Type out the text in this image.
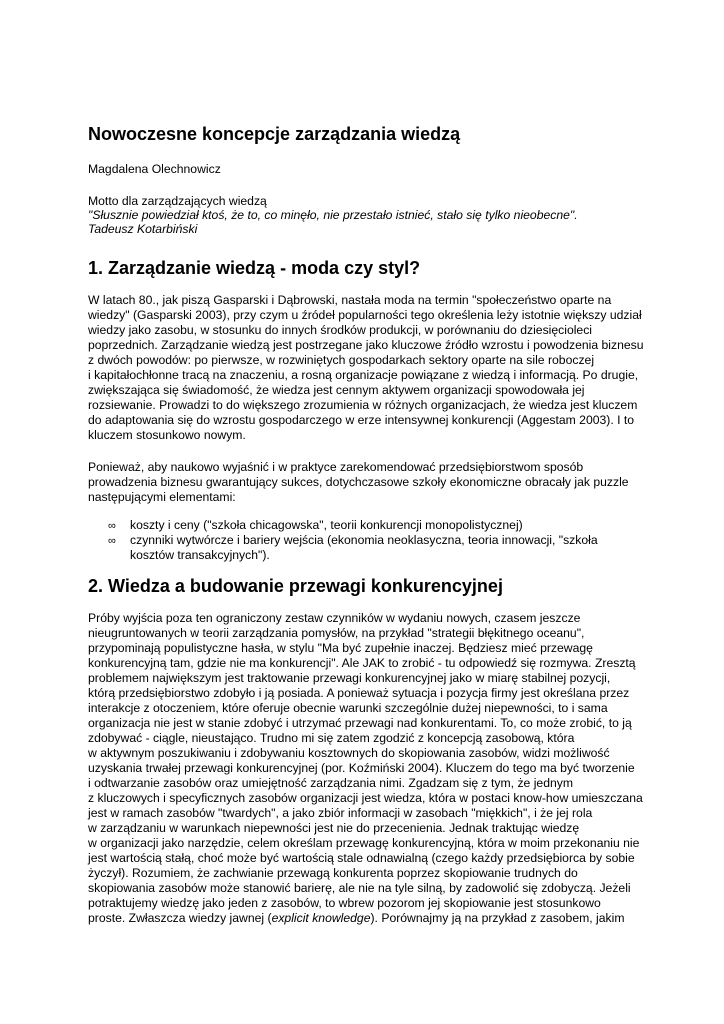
Nowoczesne koncepcje zarządzania wiedzą
Magdalena Olechnowicz
Motto dla zarządzających wiedzą
"Słusznie powiedział ktoś, że to, co minęło, nie przestało istnieć, stało się tylko nieobecne".
Tadeusz Kotarbiński
1. Zarządzanie wiedzą - moda czy styl?
W latach 80., jak piszą Gasparski i Dąbrowski, nastała moda na termin "społeczeństwo oparte na
wiedzy" (Gasparski 2003), przy czym u źródeł popularności tego określenia leży istotnie większy udział
wiedzy jako zasobu, w stosunku do innych środków produkcji, w porównaniu do dziesięcioleci
poprzednich. Zarządzanie wiedzą jest postrzegane jako kluczowe źródło wzrostu i powodzenia biznesu
z dwóch powodów: po pierwsze, w rozwiniętych gospodarkach sektory oparte na sile roboczej
i kapitałochłonne tracą na znaczeniu, a rosną organizacje powiązane z wiedzą i informacją. Po drugie,
zwiększająca się świadomość, że wiedza jest cennym aktywem organizacji spowodowała jej
rozsiewanie. Prowadzi to do większego zrozumienia w różnych organizacjach, że wiedza jest kluczem
do adaptowania się do wzrostu gospodarczego w erze intensywnej konkurencji (Aggestam 2003). I to
kluczem stosunkowo nowym.
Ponieważ, aby naukowo wyjaśnić i w praktyce zarekomendować przedsiębiorstwom sposób
prowadzenia biznesu gwarantujący sukces, dotychczasowe szkoły ekonomiczne obracały jak puzzle
następującymi elementami:
∞ koszty i ceny ("szkoła chicagowska", teorii konkurencji monopolistycznej)
∞ czynniki wytwórcze i bariery wejścia (ekonomia neoklasyczna, teoria innowacji, "szkoła
kosztów transakcyjnych").
2. Wiedza a budowanie przewagi konkurencyjnej
Próby wyjścia poza ten ograniczony zestaw czynników w wydaniu nowych, czasem jeszcze
nieugruntowanych w teorii zarządzania pomysłów, na przykład "strategii błękitnego oceanu",
przypominają populistyczne hasła, w stylu "Ma być zupełnie inaczej. Będziesz mieć przewagę
konkurencyjną tam, gdzie nie ma konkurencji". Ale JAK to zrobić - tu odpowiedź się rozmywa. Zresztą
problemem największym jest traktowanie przewagi konkurencyjnej jako w miarę stabilnej pozycji,
którą przedsiębiorstwo zdobyło i ją posiada. A ponieważ sytuacja i pozycja firmy jest określana przez
interakcje z otoczeniem, które oferuje obecnie warunki szczególnie dużej niepewności, to i sama
organizacja nie jest w stanie zdobyć i utrzymać przewagi nad konkurentami. To, co może zrobić, to ją
zdobywać - ciągle, nieustająco. Trudno mi się zatem zgodzić z koncepcją zasobową, która
w aktywnym poszukiwaniu i zdobywaniu kosztownych do skopiowania zasobów, widzi możliwość
uzyskania trwałej przewagi konkurencyjnej (por. Koźmiński 2004). Kluczem do tego ma być tworzenie
i odtwarzanie zasobów oraz umiejętność zarządzania nimi. Zgadzam się z tym, że jednym
z kluczowych i specyficznych zasobów organizacji jest wiedza, która w postaci know-how umieszczana
jest w ramach zasobów "twardych", a jako zbiór informacji w zasobach "miękkich", i że jej rola
w zarządzaniu w warunkach niepewności jest nie do przecenienia. Jednak traktując wiedzę
w organizacji jako narzędzie, celem określam przewagę konkurencyjną, która w moim przekonaniu nie
jest wartością stałą, choć może być wartością stale odnawialną (czego każdy przedsiębiorca by sobie
życzył). Rozumiem, że zachwianie przewagą konkurenta poprzez skopiowanie trudnych do
skopiowania zasobów może stanowić barierę, ale nie na tyle silną, by zadowolić się zdobyczą. Jeżeli
potraktujemy wiedzę jako jeden z zasobów, to wbrew pozorom jej skopiowanie jest stosunkowo
proste. Zwłaszcza wiedzy jawnej (explicit knowledge). Porównajmy ją na przykład z zasobem, jakim
